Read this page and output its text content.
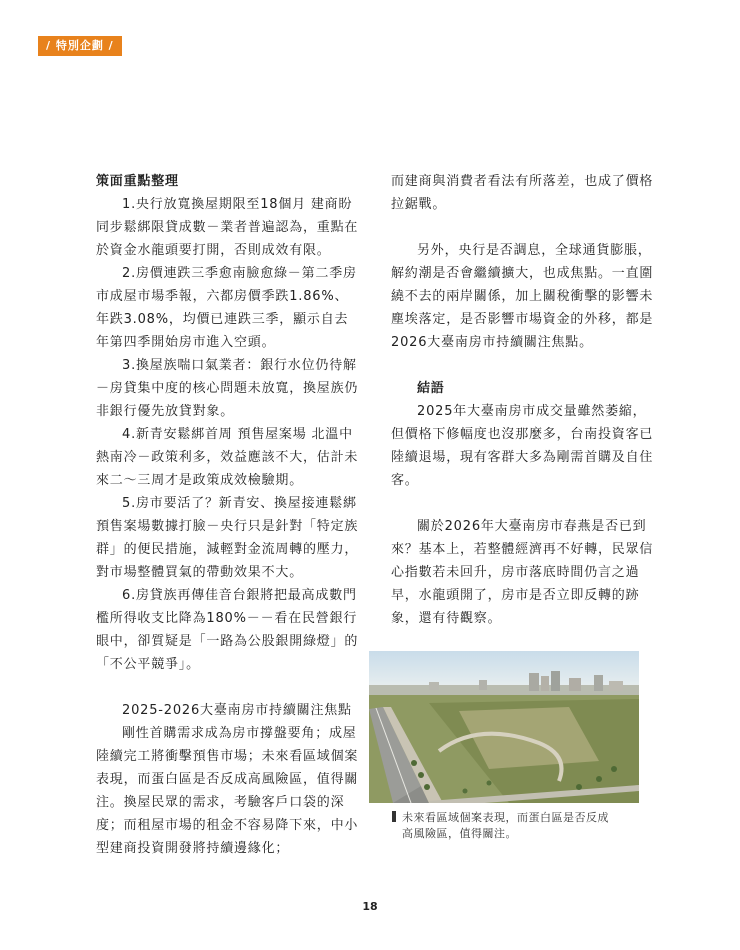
/ 特別企劃 /

策面重點整理

1.央行放寬換屋期限至18個月 建商盼同步鬆綁限貸成數－業者普遍認為，重點在於資金水龍頭要打開，否則成效有限。

2.房價連跌三季愈南臉愈綠－第二季房市成屋市場季報，六都房價季跌1.86%、年跌3.08%，均價已連跌三季，顯示自去年第四季開始房市進入空頭。

3.換屋族喘口氣業者：銀行水位仍待解－房貸集中度的核心問題未放寬，換屋族仍非銀行優先放貸對象。

4.新青安鬆綁首周 預售屋案場 北溫中熱南冷－政策利多，效益應該不大，估計未來二～三周才是政策成效檢驗期。

5.房市要活了？新青安、換屋接連鬆綁預售案場數據打臉－央行只是針對「特定族群」的便民措施，減輕對金流周轉的壓力，對市場整體買氣的帶動效果不大。

6.房貸族再傳佳音台銀將把最高成數門檻所得收支比降為180%－－看在民營銀行眼中，卻質疑是「一路為公股銀開綠燈」的「不公平競爭」。

2025-2026大臺南房市持續關注焦點

剛性首購需求成為房市撐盤要角；成屋陸續完工將衝擊預售市場；未來看區域個案表現，而蛋白區是否反成高風險區，值得關注。換屋民眾的需求，考驗客戶口袋的深度；而租屋市場的租金不容易降下來，中小型建商投資開發將持續邊緣化；

而建商與消費者看法有所落差，也成了價格拉鋸戰。

另外，央行是否調息，全球通貨膨脹，解約潮是否會繼續擴大，也成焦點。一直圍繞不去的兩岸關係，加上關稅衝擊的影響未塵埃落定，是否影響市場資金的外移，都是2026大臺南房市持續關注焦點。

結語

2025年大臺南房市成交量雖然萎縮，但價格下修幅度也沒那麼多，台南投資客已陸續退場，現有客群大多為剛需首購及自住客。

關於2026年大臺南房市春燕是否已到來？基本上，若整體經濟再不好轉，民眾信心指數若未回升，房市落底時間仍言之過早，水龍頭開了，房市是否立即反轉的跡象，還有待觀察。

未來看區域個案表現，而蛋白區是否反成
高風險區，值得關注。
18
